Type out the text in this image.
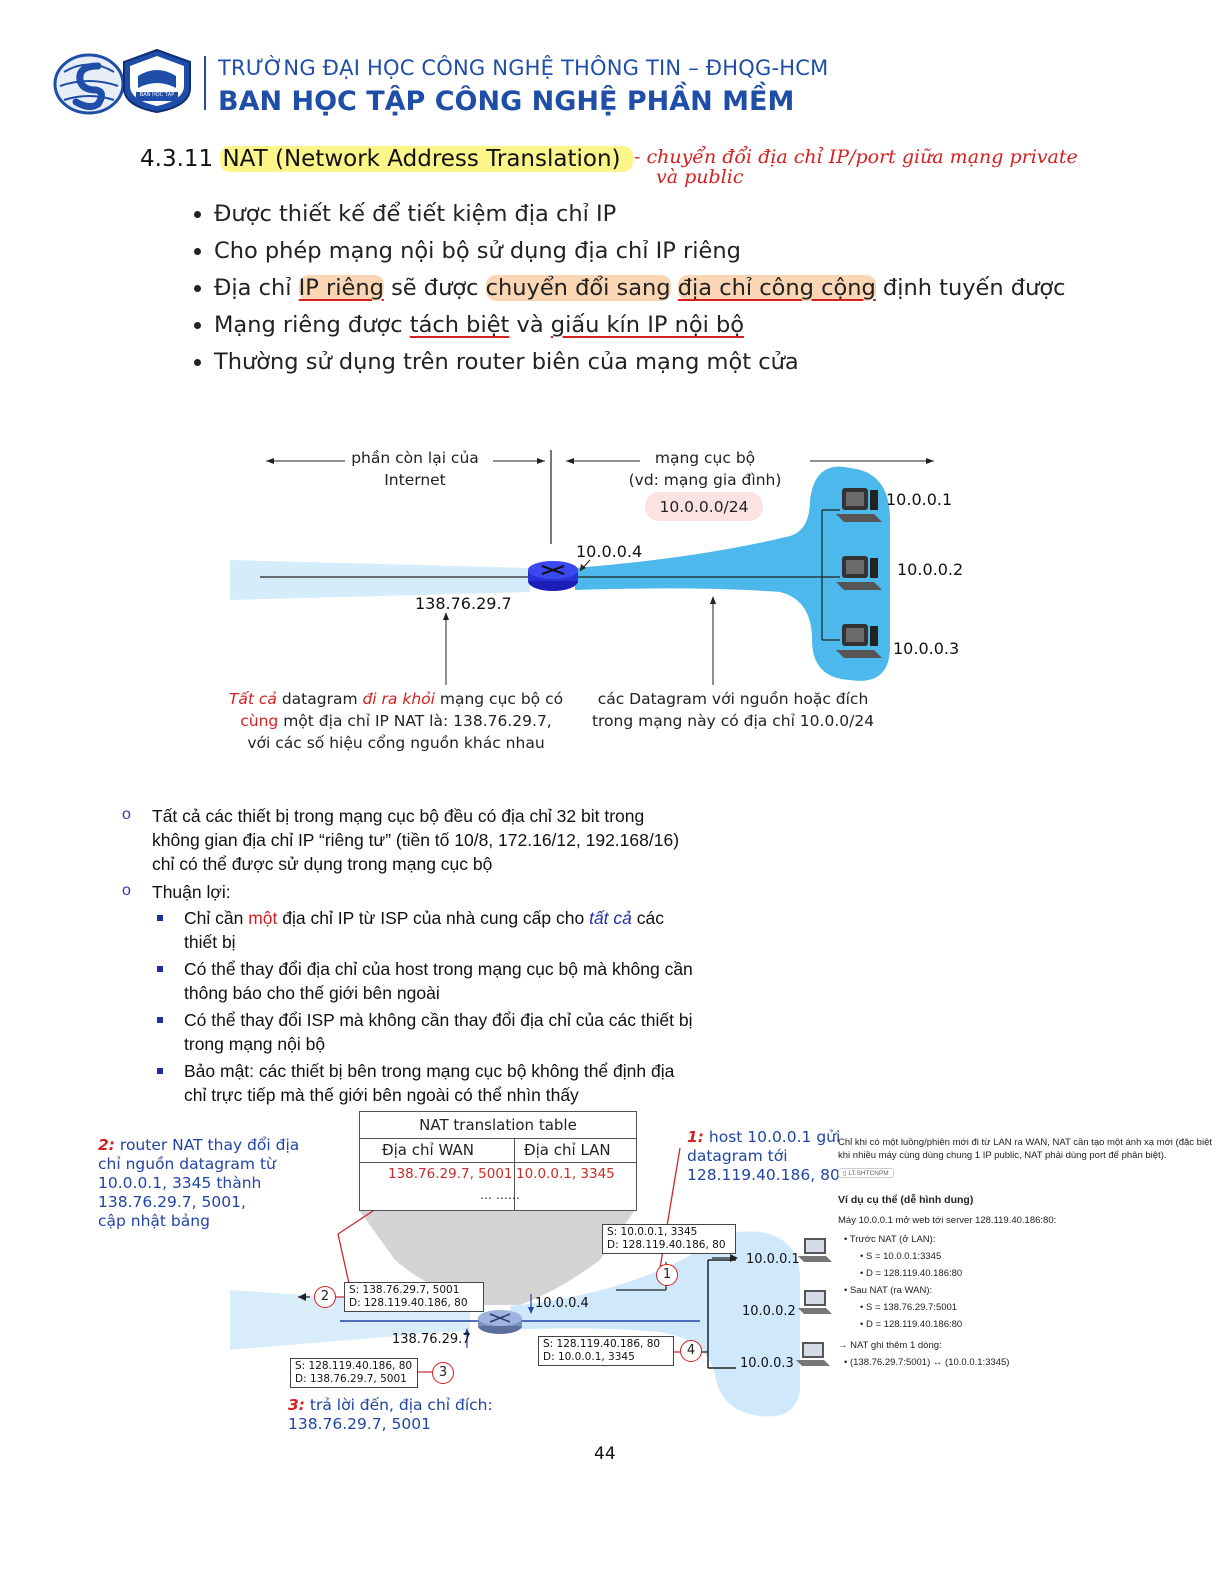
BAN HỌC TẬP
TRƯỜNG ĐẠI HỌC CÔNG NGHỆ THÔNG TIN – ĐHQG-HCM
BAN HỌC TẬP CÔNG NGHỆ PHẦN MỀM
4.3.11 NAT (Network Address Translation) - chuyển đổi địa chỉ IP/port giữa mạng private
và public
• Được thiết kế để tiết kiệm địa chỉ IP
• Cho phép mạng nội bộ sử dụng địa chỉ IP riêng
• Địa chỉ IP riêng sẽ được chuyển đổi sang địa chỉ công cộng định tuyến được
• Mạng riêng được tách biệt và giấu kín IP nội bộ
• Thường sử dụng trên router biên của mạng một cửa
phần còn lại của
Internet
mạng cục bộ
(vd: mạng gia đình)
10.0.0.0/24
10.0.0.4
138.76.29.7
10.0.0.1
10.0.0.2
10.0.0.3
Tất cả datagram đi ra khỏi mạng cục bộ có
cùng một địa chỉ IP NAT là: 138.76.29.7,
với các số hiệu cổng nguồn khác nhau
các Datagram với nguồn hoặc đích
trong mạng này có địa chỉ 10.0.0/24
o Tất cả các thiết bị trong mạng cục bộ đều có địa chỉ 32 bit trong
không gian địa chỉ IP “riêng tư” (tiền tố 10/8, 172.16/12, 192.168/16)
chỉ có thể được sử dụng trong mạng cục bộ
o Thuận lợi:
Chỉ cần một địa chỉ IP từ ISP của nhà cung cấp cho tất cả các
thiết bị
Có thể thay đổi địa chỉ của host trong mạng cục bộ mà không cần
thông báo cho thế giới bên ngoài
Có thể thay đổi ISP mà không cần thay đổi địa chỉ của các thiết bị
trong mạng nội bộ
Bảo mật: các thiết bị bên trong mạng cục bộ không thể định địa
chỉ trực tiếp mà thế giới bên ngoài có thể nhìn thấy
2: router NAT thay đổi địa
chỉ nguồn datagram từ
10.0.0.1, 3345 thành
138.76.29.7, 5001,
cập nhật bảng
1: host 10.0.0.1 gửi
datagram tới
128.119.40.186, 80
3: trả lời đến, địa chỉ đích:
138.76.29.7, 5001
S: 10.0.0.1, 3345
D: 128.119.40.186, 80
S: 138.76.29.7, 5001
D: 128.119.40.186, 80
S: 128.119.40.186, 80
D: 138.76.29.7, 5001
S: 128.119.40.186, 80
D: 10.0.0.1, 3345
1
2
3
4
10.0.0.4
138.76.29.7
10.0.0.1
10.0.0.2
10.0.0.3
NAT translation table
Địa chỉ WAN	Địa chỉ LAN
138.76.29.7, 5001 10.0.0.1, 3345
… ……
Chỉ khi có một luồng/phiên mới đi từ LAN ra WAN, NAT cần tạo một ánh xạ mới (đặc biệt khi nhiều máy cùng dùng chung 1 IP public, NAT phải dùng port để phân biệt).
▯ LT.SHTCNPM
Ví dụ cụ thể (dễ hình dung)
Máy 10.0.0.1 mở web tới server 128.119.40.186:80:
• Trước NAT (ở LAN):
• S = 10.0.0.1:3345
• D = 128.119.40.186:80
• Sau NAT (ra WAN):
• S = 138.76.29.7:5001
• D = 128.119.40.186:80
→ NAT ghi thêm 1 dòng:
• (138.76.29.7:5001) ↔ (10.0.0.1:3345)
44
